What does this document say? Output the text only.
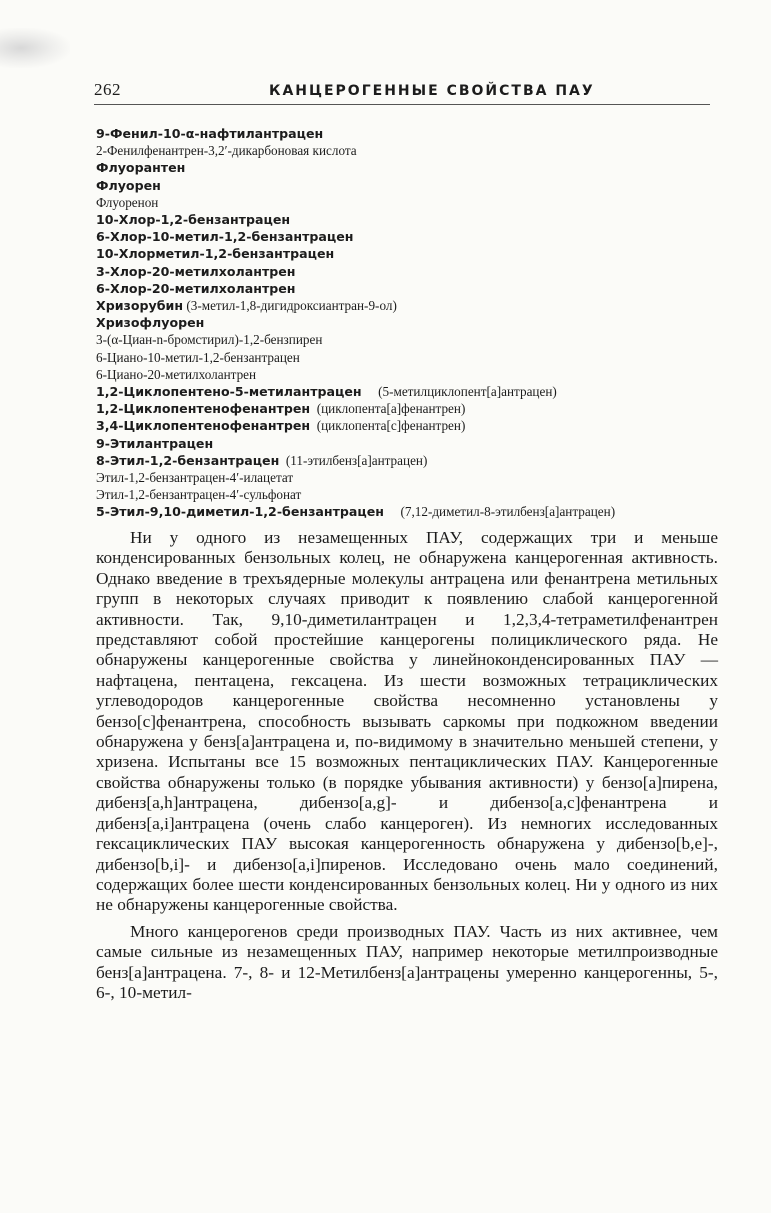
262	КАНЦЕРОГЕННЫЕ СВОЙСТВА ПАУ
9-Фенил-10-α-нафтилантрацен
2-Фенилфенантрен-3,2′-дикарбоновая кислота
Флуорантен
Флуорен
Флуоренон
10-Хлор-1,2-бензантрацен
6-Хлор-10-метил-1,2-бензантрацен
10-Хлорметил-1,2-бензантрацен
3-Хлор-20-метилхолантрен
6-Хлор-20-метилхолантрен
Хризорубин (3-метил-1,8-дигидроксиантран-9-ол)
Хризофлуорен
3-(α-Циан-n-бромстирил)-1,2-бензпирен
6-Циано-10-метил-1,2-бензантрацен
6-Циано-20-метилхолантрен
1,2-Циклопентено-5-метилантрацен     (5-метилциклопент[a]антрацен)
1,2-Циклопентенофенантрен  (циклопента[a]фенантрен)
3,4-Циклопентенофенантрен  (циклопента[c]фенантрен)
9-Этилантрацен
8-Этил-1,2-бензантрацен  (11-этилбенз[a]антрацен)
Этил-1,2-бензантрацен-4′-илацетат
Этил-1,2-бензантрацен-4′-сульфонат
5-Этил-9,10-диметил-1,2-бензантрацен     (7,12-диметил-8-этилбенз[a]антрацен)

Ни у одного из незамещенных ПАУ, содержащих три и меньше конденсированных бензольных колец, не обнаружена канцерогенная активность. Однако введение в трехъядерные молекулы антрацена или фенантрена метильных групп в некоторых случаях приводит к появлению слабой канцерогенной активности. Так, 9,10-диметилантрацен и 1,2,3,4-тетраметилфенантрен представляют собой простейшие канцерогены полициклического ряда. Не обнаружены канцерогенные свойства у линейноконденсированных ПАУ — нафтацена, пентацена, гексацена. Из шести возможных тетрациклических углеводородов канцерогенные свойства несомненно установлены у бензо[c]фенантрена, способность вызывать саркомы при подкожном введении обнаружена у бенз[a]антрацена и, по-видимому в значительно меньшей степени, у хризена. Испытаны все 15 возможных пентациклических ПАУ. Канцерогенные свойства обнаружены только (в порядке убывания активности) у бензо[a]пирена, дибенз[a,h]антрацена, дибензо[a,g]- и дибензо[a,c]фенантрена и дибенз[a,i]антрацена (очень слабо канцероген). Из немногих исследованных гексациклических ПАУ высокая канцерогенность обнаружена у дибензо[b,e]-, дибензо[b,i]- и дибензо[a,i]пиренов. Исследовано очень мало соединений, содержащих более шести конденсированных бензольных колец. Ни у одного из них не обнаружены канцерогенные свойства.

Много канцерогенов среди производных ПАУ. Часть из них активнее, чем самые сильные из незамещенных ПАУ, например некоторые метилпроизводные бенз[a]антрацена. 7-, 8- и 12-Метилбенз[a]антрацены умеренно канцерогенны, 5-, 6-, 10-метил-
